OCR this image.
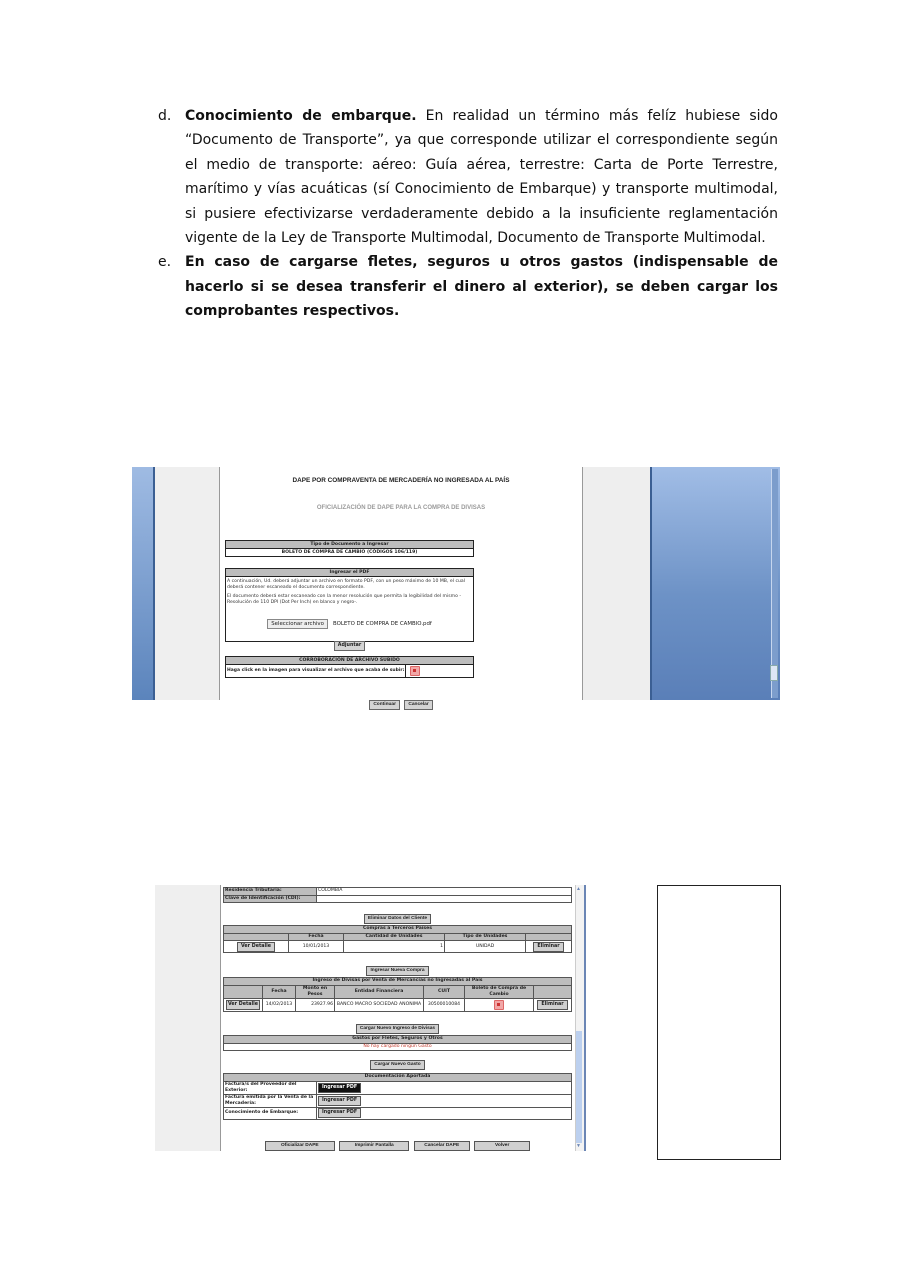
d. Conocimiento de embarque. En realidad un término más felíz hubiese sido “Documento de Transporte”, ya que corresponde utilizar el correspondiente según el medio de transporte: aéreo: Guía aérea, terrestre: Carta de Porte Terrestre, marítimo y vías acuáticas (sí Conocimiento de Embarque) y transporte multimodal, si pusiere efectivizarse verdaderamente debido a la insuficiente reglamentación vigente de la Ley de Transporte Multimodal, Documento de Transporte Multimodal.
e. En caso de cargarse fletes, seguros u otros gastos (indispensable de hacerlo si se desea transferir el dinero al exterior), se deben cargar los comprobantes respectivos.
DAPE POR COMPRAVENTA DE MERCADERÍA NO INGRESADA AL PAÍS
OFICIALIZACIÓN DE DAPE PARA LA COMPRA DE DIVISAS
Tipo de Documento a Ingresar
BOLETO DE COMPRA DE CAMBIO (CÓDIGOS 106/119)
Ingresar el PDF
A continuación, Ud. deberá adjuntar un archivo en formato PDF, con un peso máximo de 10 MB, el cual deberá contener escaneado el documento correspondiente.
El documento deberá estar escaneado con la menor resolución que permita la legibilidad del mismo -Resolución de 110 DPI (Dot Per Inch) en blanco y negro-.
Seleccionar archivo BOLETO DE COMPRA DE CAMBIO.pdf
Adjuntar
CORROBORACIÓN DE ARCHIVO SUBIDO
Haga click en la imagen para visualizar el archivo que acaba de subir:
Continuar	Cancelar
Residencia Tributaria:	COLOMBIA
Clave de Identificación (CDI):	
Eliminar Datos del Cliente
Compras a Terceros Países				
	Fecha	Cantidad de Unidades	Tipo de Unidades	
Ver Detalle	10/01/2013	1	UNIDAD	Eliminar
Ingresar Nueva Compra
Ingreso de Divisas por Venta de Mercancías no Ingresadas al País						
	Fecha	Monto en Pesos	Entidad Financiera	CUIT	Boleto de Compra de Cambio	
Ver Detalle	14/02/2013	23927.96	BANCO MACRO SOCIEDAD ANONIMA	30500010084		Eliminar
Cargar Nuevo Ingreso de Divisas
Gastos por Fletes, Seguros y Otros
No hay cargado ningún Gasto
Cargar Nuevo Gasto
Documentación Aportada	
Factura/s del Proveedor del Exterior:	Ingresar PDF
Factura emitida por la Venta de la Mercadería:	Ingresar PDF
Conocimiento de Embarque:	Ingresar PDF
Oficializar DAPE	Imprimir Pantalla	Cancelar DAPE	Volver
▲
▼
